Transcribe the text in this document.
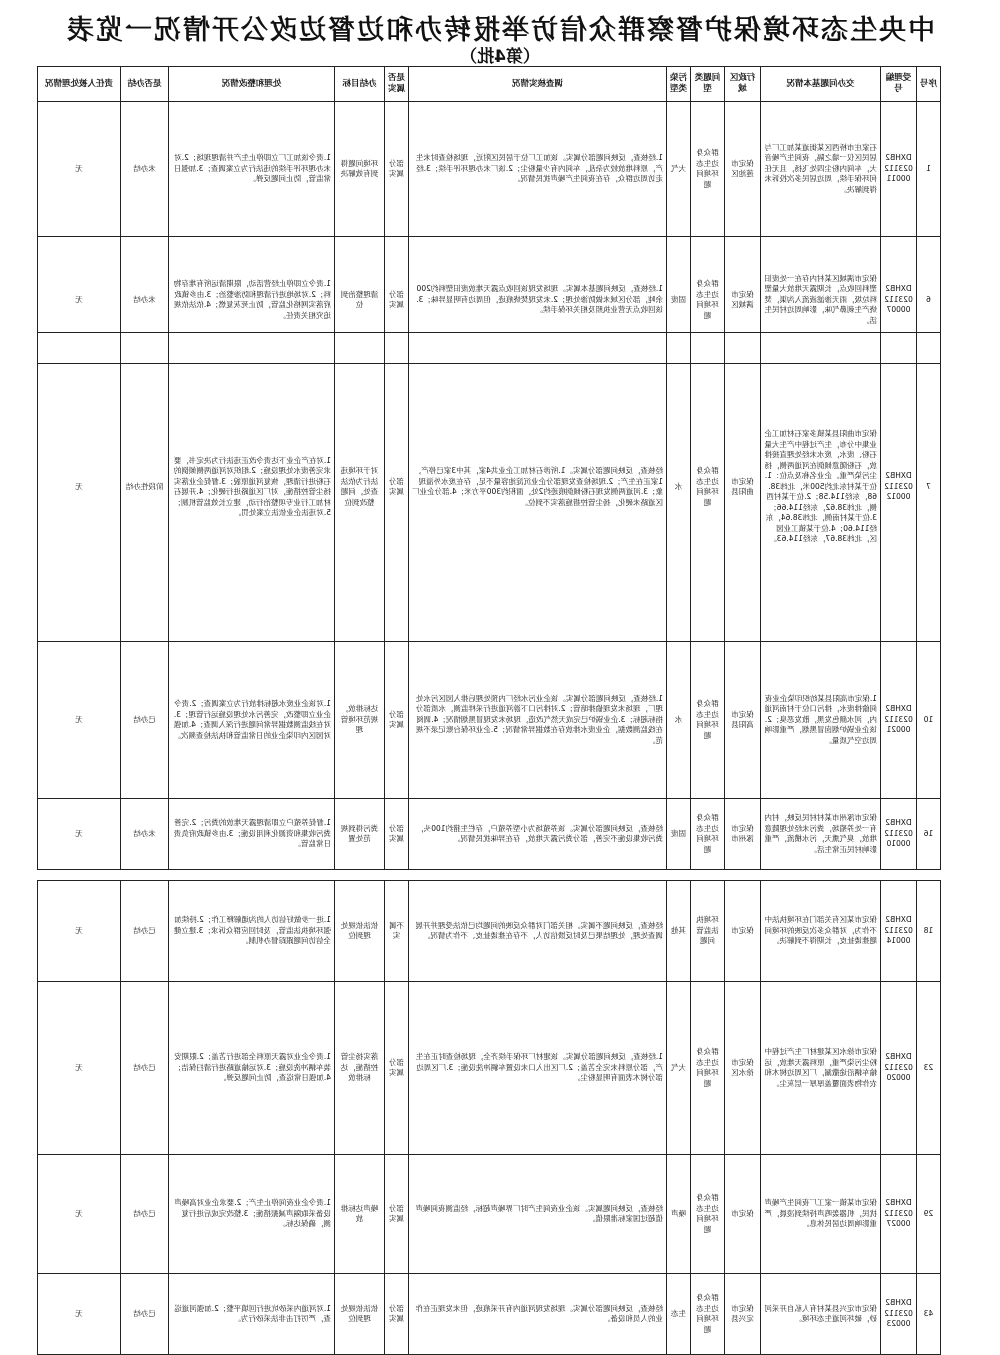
中央生态环境保护督察群众信访举报转办和边督边改公开情况一览表
（第4批）
序号	受理编号	交办问题基本情况	行政区域	问题类型	污染类型	调查核实情况	是否属实	办结目标	处理和整改情况	是否办结	责任人被处理情况
1	DXHB202311200011	石家庄市桥西区某街道某加工厂与居民区仅一墙之隔，夜间生产噪音大，车间内粉尘四处飞扬，且无任何环保手续，周边居民多次投诉未得到解决。	保定市莲池区	群众身边生态环境问题	大气	1.经核查，反映问题部分属实。该加工厂位于居民区附近，现场检查时未生产，原料堆放较为杂乱，车间内有少量粉尘；2.该厂未办理环评手续；3.经走访周边群众，存在夜间生产噪声扰民情况。	部分属实	环境问题得到有效解决	1.责令该加工厂立即停止生产并清理现场；2.对未办理环评手续的违法行为立案调查；3.加强日常监管，防止问题反弹。	未办结	无
6	DXHB202311200007	保定市满城区某村内存在一处废旧塑料回收点，长期露天堆放大量塑料垃圾，雨天渗滤液流入沟渠，焚烧产生刺鼻气味，影响周边村民生活。	保定市满城区	群众身边生态环境问题	固废	1.经核查，反映问题基本属实。现场发现该回收点露天堆放废旧塑料约200余吨，部分区域未做防渗处理；2.未发现焚烧痕迹，但周边有明显异味；3.该回收点无营业执照及相关环保手续。	部分属实	清理整治到位	1.责令立即停止经营活动，限期清运所有堆存物料；2.对场地进行清理和防渗整治；3.由乡镇政府落实网格化监管，防止死灰复燃；4.依法依规追究相关责任。	未办结	无
7	DXHB202311200012	保定市曲阳县某镇多家石材加工企业集中分布，生产过程中产生大量石粉、废水，废水未经处理直接排放，石粉随意倾倒在河道两侧，扬尘污染严重。企业名称及点位：1.位于某村东北约500米，北纬38.68，东经114.58；2.位于某村西侧，北纬38.62，东经114.66；3.位于某村南侧，北纬38.64，东经114.60；4.位于某镇工业园区，北纬38.67，东经114.63。	保定市曲阳县	群众身边生态环境问题	水	经核查，反映问题部分属实。1.所涉石材加工企业共4家，其中3家已停产，1家正在生产；2.现场检查发现部分企业沉淀池容量不足，存在废水外溢现象；3.河道两侧发现石粉倾倒痕迹约2处，面积约300平方米；4.部分企业厂区道路未硬化，扬尘管控措施落实不到位。	部分属实	对于环境违法行为依法查处，问题整改到位	1.对在产企业下达责令改正违法行为决定书，要求完善废水处理设施；2.组织对河道两侧倾倒的石粉进行清理，恢复河道原貌；3.督促企业落实扬尘管控措施，对厂区道路进行硬化；4.开展石材加工行业专项整治行动，建立长效监管机制；5.对违法企业依法立案处罚。	阶段性办结	无
10	DXHB202311200021	1.保定市高阳县某纺织印染企业夜间偷排废水，排污口位于村南河道内，河水颜色发黑，散发恶臭；2.该企业锅炉烟囱冒黑烟，严重影响周边空气质量。	保定市高阳县	群众身边生态环境问题	水	1.经核查，反映问题部分属实。该企业污水经厂内预处理后排入园区污水处理厂，现场未发现偷排暗管；2.对排污口下游河道进行采样监测，水质部分指标超标；3.企业锅炉已完成天然气改造，现场未发现冒黑烟情况；4.调阅在线监测数据，企业废水排放存在数据异常情况；5.企业环保台账记录不规范。	部分属实	达标排放，规范环境管理	1.对该企业废水超标排放行为立案调查；2.责令企业立即整改，完善污水处理设施运行管理；3.对在线监测数据异常问题进行深入调查；4.加强对园区内印染企业的日常监管和执法检查频次。	已办结	无
16	DXHB202311200010	保定市涿州市某村村民反映，村内有一处养殖场，粪污未经处理随意堆放，臭气熏天，污水横流，严重影响村民正常生活。	保定市涿州市	群众身边生态环境问题	固废	经核查，反映问题部分属实。该养殖场为小型养殖户，存栏生猪约100头，粪污收集设施不完善，部分粪污露天堆放，存在异味扰民情况。	部分属实	粪污得到规范处置	1.督促养殖户立即清理露天堆放的粪污；2.完善粪污收集和资源化利用设施；3.由乡镇政府负责日常监管。	未办结	无
18	DXHB202311200014	保定市某区有关部门在环境执法中不作为，对群众多次反映的环境问题推诿扯皮，长期得不到解决。	保定市	环境执法监管问题	其他	经核查，反映问题不属实。相关部门对群众反映的问题均已依法受理并开展调查处理，处理结果已及时反馈信访人，不存在推诿扯皮、不作为情况。	不属实	依法依规处理到位	1.进一步做好信访人的沟通解释工作；2.持续加强环境执法监管，及时回应群众诉求；3.建立健全信访问题跟踪督办机制。	已办结	无
23	DXHB202311200020	保定市徐水区某建材厂生产过程中粉尘污染严重，原料露天堆放，运输车辆沿途撒漏，厂区周边树木和农作物表面覆盖厚厚一层灰尘。	保定市徐水区	群众身边生态环境问题	大气	1.经核查，反映问题部分属实。该建材厂环保手续齐全，现场检查时正在生产，部分原料未完全苫盖；2.厂区出入口未设置车辆冲洗设施；3.厂区周边部分树木表面有明显粉尘。	部分属实	落实扬尘管控措施，达标排放	1.责令企业对露天原料全部进行苫盖；2.限期安装车辆冲洗设施；3.对运输道路进行清扫保洁；4.加强日常巡查，防止问题反弹。	已办结	无
29	DXHB202311200027	保定市某镇一家工厂夜间生产噪声扰民，机器轰鸣声持续到凌晨，严重影响周边居民休息。	保定市	群众身边生态环境问题	噪声	经核查，反映问题属实。该企业夜间生产时厂界噪声超标，经监测夜间噪声值超过国家标准限值。	部分属实	噪声达标排放	1.责令企业夜间停止生产；2.要求企业对高噪声设备采取隔声减振措施；3.整改完成后进行复测，确保达标。	已办结	无
43	DXHB202311200023	保定市定兴县某村有人私自开采河砂，破坏河道生态环境。	保定市定兴县	群众身边生态环境问题	生态	经核查，反映问题部分属实。现场发现河道内有开采痕迹，但未发现正在作业的人员和设备。	部分属实	依法依规处理到位	1.对河道内采砂坑进行回填平整；2.加强河道巡查，严厉打击非法采砂行为。	已办结	无
